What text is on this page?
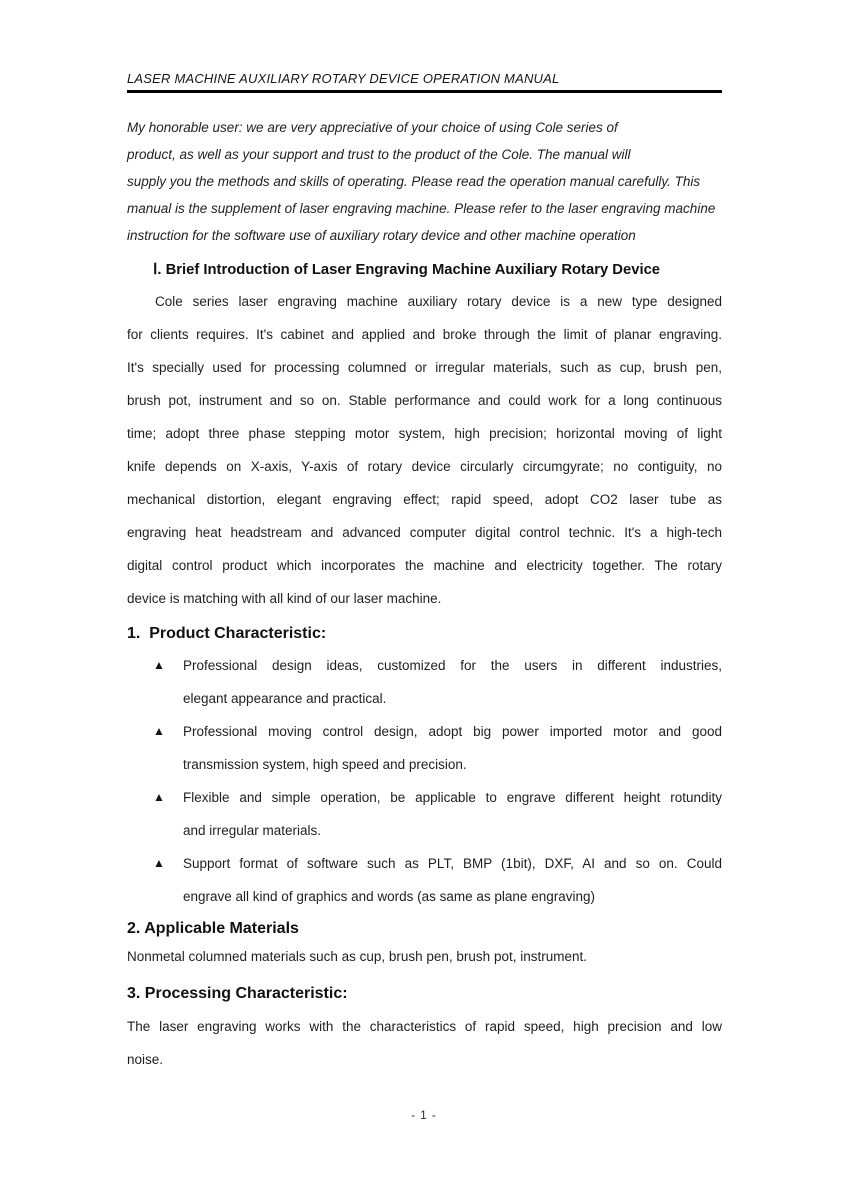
LASER MACHINE AUXILIARY ROTARY DEVICE OPERATION MANUAL
My honorable user: we are very appreciative of your choice of using Cole series of
product, as well as your support and trust to the product of the Cole. The manual will
supply you the methods and skills of operating. Please read the operation manual carefully. This
manual is the supplement of laser engraving machine. Please refer to the laser engraving machine
instruction for the software use of auxiliary rotary device and other machine operation
Ⅰ. Brief Introduction of Laser Engraving Machine Auxiliary Rotary Device
Cole series laser engraving machine auxiliary rotary device is a new type designed
for clients requires. It's cabinet and applied and broke through the limit of planar engraving.
It's specially used for processing columned or irregular materials, such as cup, brush pen,
brush pot, instrument and so on. Stable performance and could work for a long continuous
time; adopt three phase stepping motor system, high precision; horizontal moving of light
knife depends on X-axis, Y-axis of rotary device circularly circumgyrate; no contiguity, no
mechanical distortion, elegant engraving effect; rapid speed, adopt CO2 laser tube as
engraving heat headstream and advanced computer digital control technic. It's a high-tech
digital control product which incorporates the machine and electricity together. The rotary
device is matching with all kind of our laser machine.
1.  Product Characteristic:
▲	Professional design ideas, customized for the users in different industries,
elegant appearance and practical.
▲	Professional moving control design, adopt big power imported motor and good
transmission system, high speed and precision.
▲	Flexible and simple operation, be applicable to engrave different height rotundity
and irregular materials.
▲	Support format of software such as PLT, BMP (1bit), DXF, AI and so on. Could
engrave all kind of graphics and words (as same as plane engraving)
2. Applicable Materials
Nonmetal columned materials such as cup, brush pen, brush pot, instrument.
3. Processing Characteristic:
The laser engraving works with the characteristics of rapid speed, high precision and low
noise.
- 1 -
